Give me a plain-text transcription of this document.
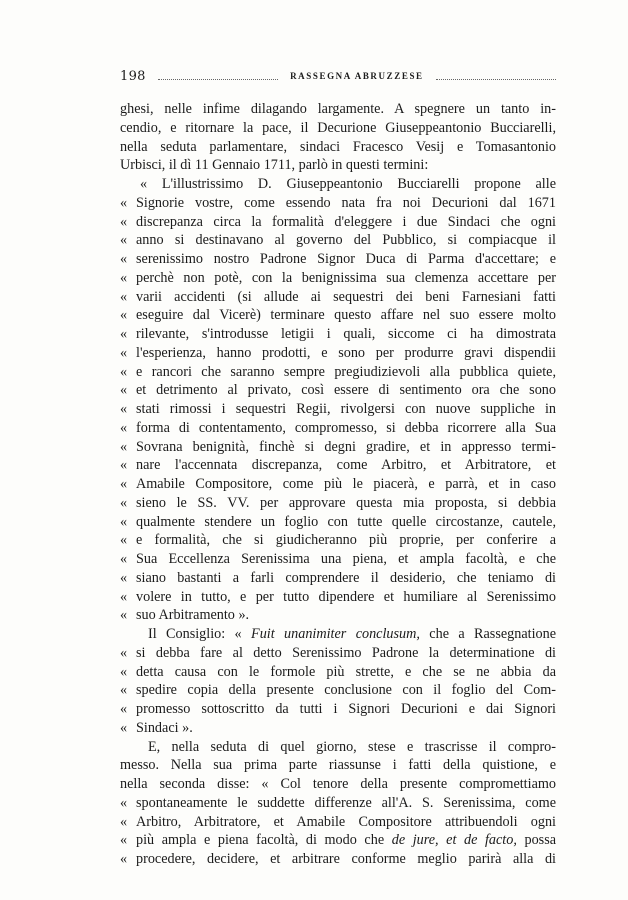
198	RASSEGNA ABRUZZESE
ghesi, nelle infime dilagando largamente. A spegnere un tanto in-
cendio, e ritornare la pace, il Decurione Giuseppeantonio Bucciarelli,
nella seduta parlamentare, sindaci Fracesco Vesij e Tomasantonio
Urbisci, il dì 11 Gennaio 1711, parlò in questi termini:
« L'illustrissimo D. Giuseppeantonio Bucciarelli propone alle
« Signorie vostre, come essendo nata fra noi Decurioni dal 1671
« discrepanza circa la formalità d'eleggere i due Sindaci che ogni
« anno si destinavano al governo del Pubblico, si compiacque il
« serenissimo nostro Padrone Signor Duca di Parma d'accettare; e
« perchè non potè, con la benignissima sua clemenza accettare per
« varii accidenti (si allude ai sequestri dei beni Farnesiani fatti
« eseguire dal Vicerè) terminare questo affare nel suo essere molto
« rilevante, s'introdusse letigii i quali, siccome ci ha dimostrata
« l'esperienza, hanno prodotti, e sono per produrre gravi dispendii
« e rancori che saranno sempre pregiudizievoli alla pubblica quiete,
« et detrimento al privato, così essere di sentimento ora che sono
« stati rimossi i sequestri Regii, rivolgersi con nuove suppliche in
« forma di contentamento, compromesso, si debba ricorrere alla Sua
« Sovrana benignità, finchè si degni gradire, et in appresso termi-
« nare l'accennata discrepanza, come Arbitro, et Arbitratore, et
« Amabile Compositore, come più le piacerà, e parrà, et in caso
« sieno le SS. VV. per approvare questa mia proposta, si debbia
« qualmente stendere un foglio con tutte quelle circostanze, cautele,
« e formalità, che si giudicheranno più proprie, per conferire a
« Sua Eccellenza Serenissima una piena, et ampla facoltà, e che
« siano bastanti a farli comprendere il desiderio, che teniamo di
« volere in tutto, e per tutto dipendere et humiliare al Serenissimo
« suo Arbitramento ».
Il Consiglio: « Fuit unanimiter conclusum, che a Rassegnatione
« si debba fare al detto Serenissimo Padrone la determinatione di
« detta causa con le formole più strette, e che se ne abbia da
« spedire copia della presente conclusione con il foglio del Com-
« promesso sottoscritto da tutti i Signori Decurioni e dai Signori
« Sindaci ».
E, nella seduta di quel giorno, stese e trascrisse il compro-
messo. Nella sua prima parte riassunse i fatti della quistione, e
nella seconda disse: « Col tenore della presente compromettiamo
« spontaneamente le suddette differenze all'A. S. Serenissima, come
« Arbitro, Arbitratore, et Amabile Compositore attribuendoli ogni
« più ampla e piena facoltà, di modo che de jure, et de facto, possa
« procedere, decidere, et arbitrare conforme meglio parirà alla di
